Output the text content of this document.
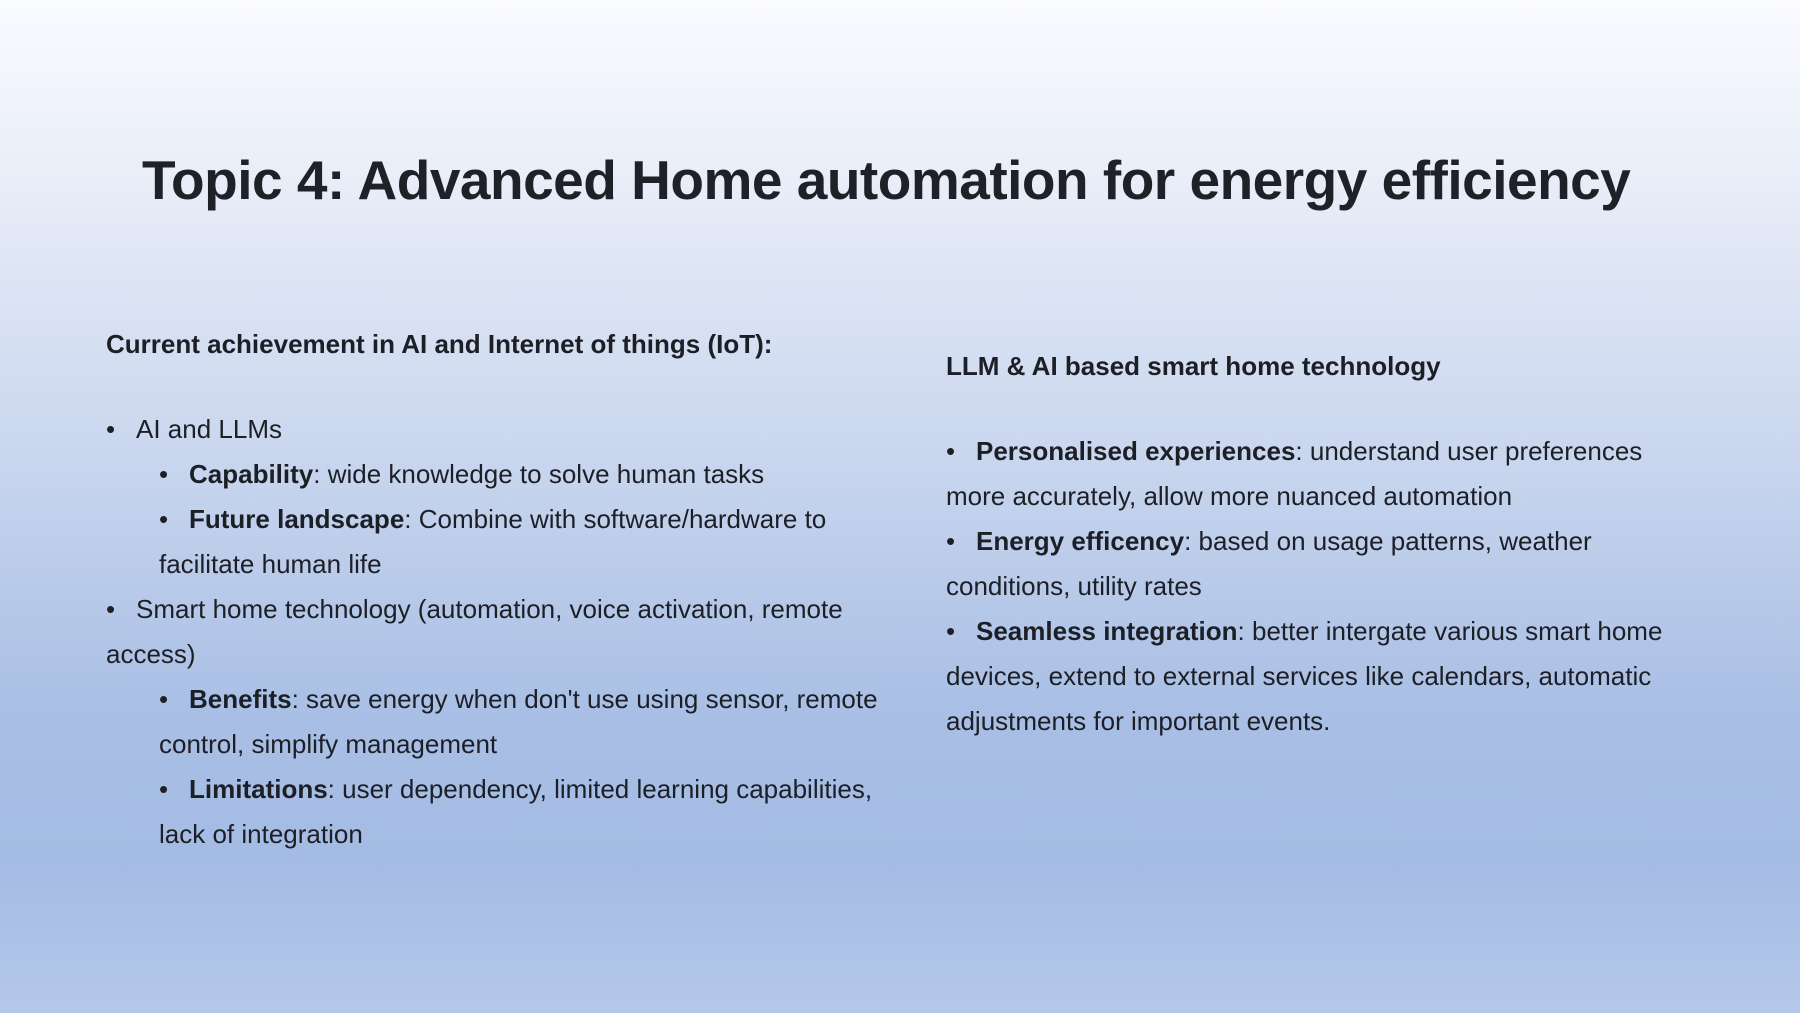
Topic 4: Advanced Home automation for energy efficiency

Current achievement in AI and Internet of things (IoT):

• AI and LLMs
• Capability: wide knowledge to solve human tasks
• Future landscape: Combine with software/hardware to facilitate human life
• Smart home technology (automation, voice activation, remote access)
• Benefits: save energy when don't use using sensor, remote control, simplify management
• Limitations: user dependency, limited learning capabilities, lack of integration

LLM & AI based smart home technology

• Personalised experiences: understand user preferences more accurately, allow more nuanced automation
• Energy efficency: based on usage patterns, weather conditions, utility rates
• Seamless integration: better intergate various smart home devices, extend to external services like calendars, automatic adjustments for important events.
